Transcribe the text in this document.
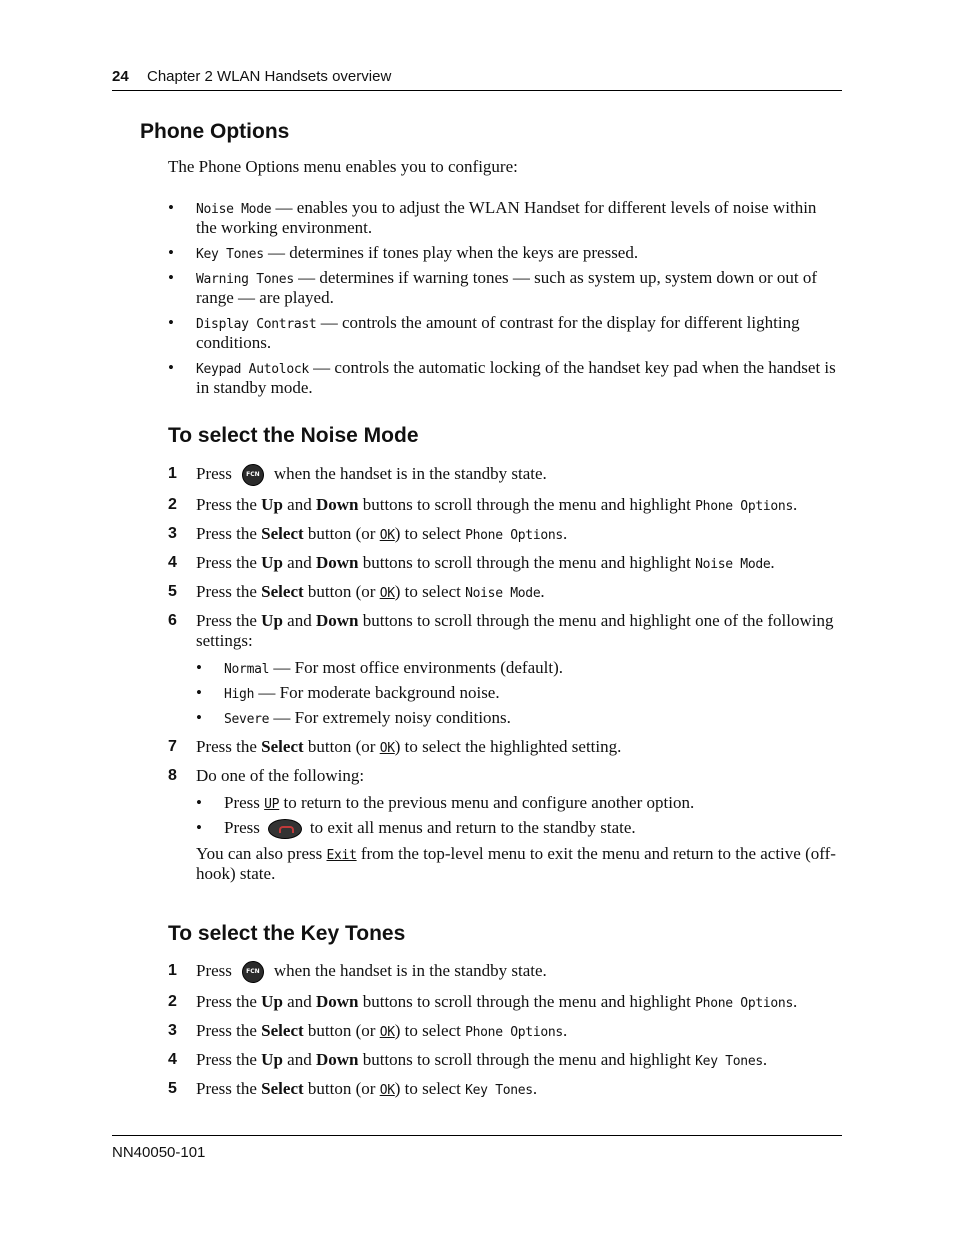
24 Chapter 2 WLAN Handsets overview
Phone Options
The Phone Options menu enables you to configure:
• Noise Mode — enables you to adjust the WLAN Handset for different levels of noise within the working environment.
• Key Tones — determines if tones play when the keys are pressed.
• Warning Tones — determines if warning tones — such as system up, system down or out of range — are played.
• Display Contrast — controls the amount of contrast for the display for different lighting conditions.
• Keypad Autolock — controls the automatic locking of the handset key pad when the handset is in standby mode.
To select the Noise Mode
1 Press FCN when the handset is in the standby state.
2 Press the Up and Down buttons to scroll through the menu and highlight Phone Options.
3 Press the Select button (or OK) to select Phone Options.
4 Press the Up and Down buttons to scroll through the menu and highlight Noise Mode.
5 Press the Select button (or OK) to select Noise Mode.
6 Press the Up and Down buttons to scroll through the menu and highlight one of the following settings:
• Normal — For most office environments (default).
• High — For moderate background noise.
• Severe — For extremely noisy conditions.
7 Press the Select button (or OK) to select the highlighted setting.
8 Do one of the following:
• Press UP to return to the previous menu and configure another option.
• Press	to exit all menus and return to the standby state.
You can also press Exit from the top-level menu to exit the menu and return to the active (off-hook) state.
To select the Key Tones
1 Press FCN when the handset is in the standby state.
2 Press the Up and Down buttons to scroll through the menu and highlight Phone Options.
3 Press the Select button (or OK) to select Phone Options.
4 Press the Up and Down buttons to scroll through the menu and highlight Key Tones.
5 Press the Select button (or OK) to select Key Tones.
NN40050-101
